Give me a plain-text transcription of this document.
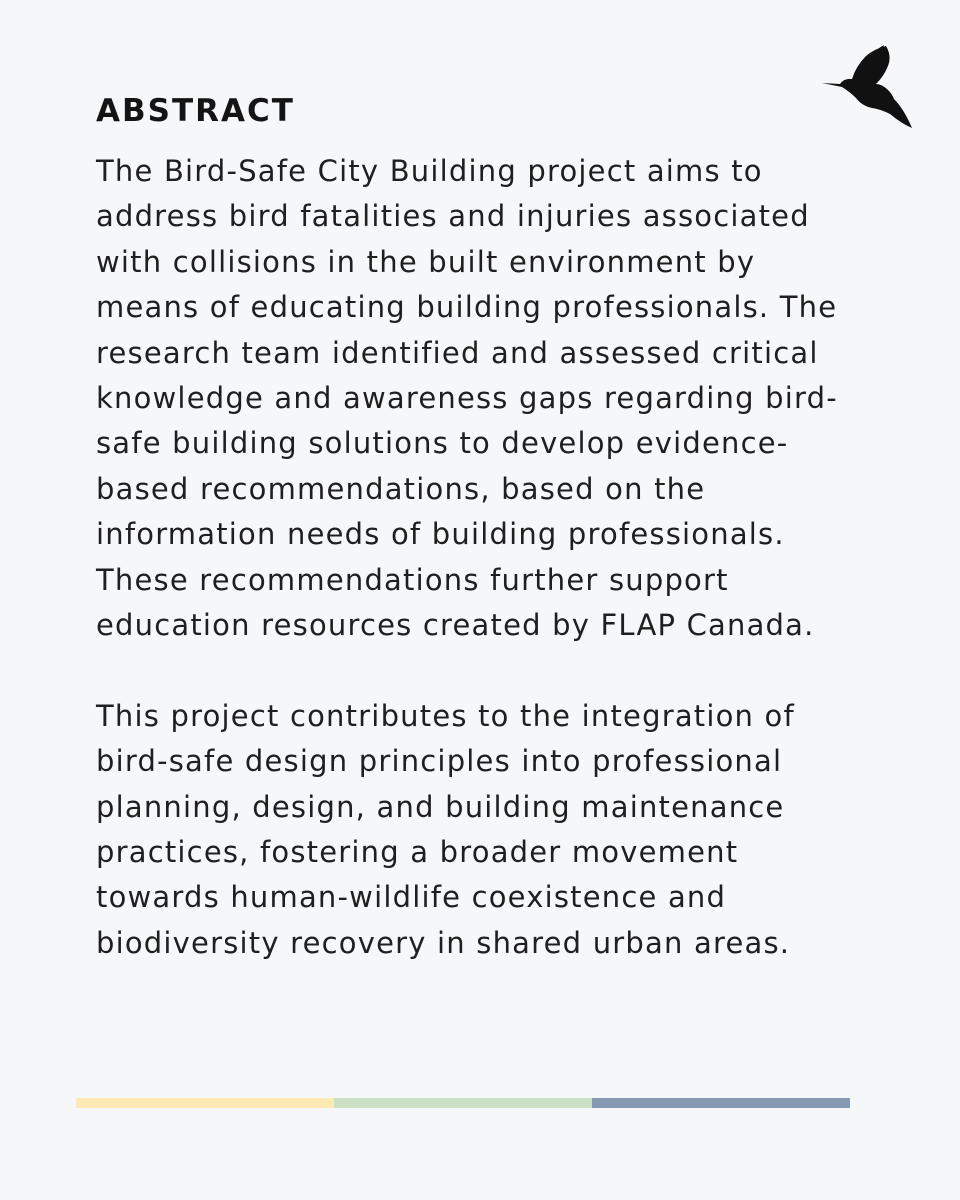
ABSTRACT

The Bird-Safe City Building project aims to
address bird fatalities and injuries associated
with collisions in the built environment by
means of educating building professionals. The
research team identified and assessed critical
knowledge and awareness gaps regarding bird-
safe building solutions to develop evidence-
based recommendations, based on the
information needs of building professionals.
These recommendations further support
education resources created by FLAP Canada.

This project contributes to the integration of
bird-safe design principles into professional
planning, design, and building maintenance
practices, fostering a broader movement
towards human-wildlife coexistence and
biodiversity recovery in shared urban areas.
